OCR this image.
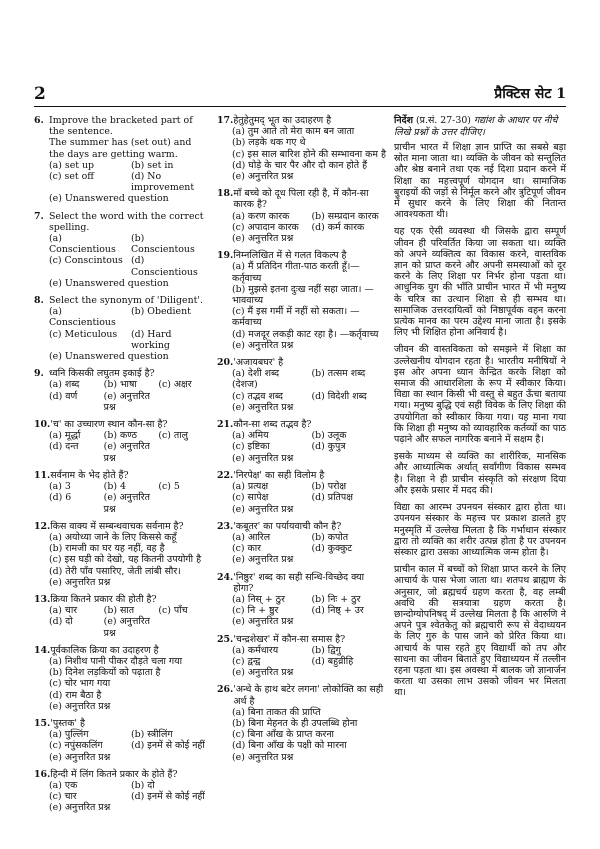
2	प्रैक्टिस सेट 1
6. Improve the bracketed part of the sentence.
The summer has (set out) and the days are getting warm.
(a) set up	(b) set in
(c) set off	(d) No improvement
(e) Unanswered question
7. Select the word with the correct spelling.
(a) Conscientious
(b) Conscientous
(c) Conscintous (d) Conscientious
(e) Unanswered question
8. Select the synonym of 'Diligent'.
(a) Conscientious
(b) Obedient
(c) Meticulous	(d) Hard working
(e) Unanswered question
9. ध्वनि किसकी लघुतम इकाई है?
(a) शब्द	(b) भाषा	(c) अक्षर
(d) वर्ण	(e) अनुत्तरित प्रश्न
10. 'च' का उच्चारण स्थान कौन-सा है?
(a) मूर्द्धा	(b) कण्ठ	(c) तालु
(d) दन्त	(e) अनुत्तरित प्रश्न
11. सर्वनाम के भेद होते हैं?
(a) 3	(b) 4	(c) 5
(d) 6	(e) अनुत्तरित प्रश्न
12. किस वाक्य में सम्बन्धवाचक सर्वनाम है?
(a) अयोध्या जाने के लिए किससे कहूँ
(b) रामजी का घर यह नहीं, वह है
(c) इस घड़ी को देखो, यह कितनी उपयोगी है
(d) तेरी पाँव पसारिए, जेती लांबी सौर।
(e) अनुत्तरित प्रश्न
13. क्रिया कितने प्रकार की होती है?
(a) चार	(b) सात	(c) पाँच
(d) दो	(e) अनुत्तरित प्रश्न
14. पूर्वकालिक क्रिया का उदाहरण है
(a) निशीथ पानी पीकर दौड़ते चला गया
(b) दिनेश लड़कियों को पढ़ाता है
(c) चोर भाग गया
(d) राम बैठा है
(e) अनुत्तरित प्रश्न
15. 'पुस्तक' है
(a) पुल्लिंग	(b) स्त्रीलिंग
(c) नपुंसकलिंग	(d) इनमें से कोई नहीं
(e) अनुत्तरित प्रश्न
16. हिन्दी में लिंग कितने प्रकार के होते हैं?
(a) एक	(b) दो
(c) चार	(d) इनमें से कोई नहीं
(e) अनुत्तरित प्रश्न
17. हेतुहेतुमद् भूत का उदाहरण है
(a) तुम आते तो मेरा काम बन जाता
(b) लड़के थक गए थे
(c) इस साल बारिश होने की सम्भावना कम है
(d) घोड़े के चार पैर और दो कान होते हैं
(e) अनुत्तरित प्रश्न
18. माँ बच्चे को दूध पिला रही है, में कौन-सा कारक है?
(a) करण कारक	(b) सम्प्रदान कारक
(c) अपादान कारक	(d) कर्म कारक
(e) अनुत्तरित प्रश्न
19. निम्नलिखित में से गलत विकल्प है
(a) मैं प्रतिदिन गीता-पाठ करती हूँ।—कर्तृवाच्य
(b) मुझसे इतना दुःख नहीं सहा जाता। —भाववाच्य
(c) मैं इस गर्मी में नहीं सो सकता। —कर्मवाच्य
(d) मजदूर लकड़ी काट रहा है। —कर्तृवाच्य
(e) अनुत्तरित प्रश्न
20. 'अजायबघर' है
(a) देशी शब्द (देशज)
(b) तत्सम शब्द
(c) तद्भव शब्द	(d) विदेशी शब्द
(e) अनुत्तरित प्रश्न
21. कौन-सा शब्द तद्भव है?
(a) अमिय	(b) उलूक
(c) इष्टिका	(d) कुपुत्र
(e) अनुत्तरित प्रश्न
22. 'निरपेक्ष' का सही विलोम है
(a) प्रत्यक्ष	(b) परोक्ष
(c) सापेक्ष	(d) प्रतिपक्ष
(e) अनुत्तरित प्रश्न
23. 'कबूतर' का पर्यायवाची कौन है?
(a) आरिल	(b) कपोत
(c) कार	(d) कुक्कुट
(e) अनुत्तरित प्रश्न
24. 'निष्ठुर' शब्द का सही सन्धि-विच्छेद क्या होगा?
(a) निस् + ठुर	(b) निः + ठुर
(c) नि + ष्ठुर	(d) निष्ठ् + उर
(e) अनुत्तरित प्रश्न
25. 'चन्द्रशेखर' में कौन-सा समास है?
(a) कर्मधारय	(b) द्विगु
(c) द्वन्द्व	(d) बहुव्रीहि
(e) अनुत्तरित प्रश्न
26. 'अन्धे के हाथ बटेर लगना' लोकोक्ति का सही अर्थ है
(a) बिना ताकत की प्राप्ति
(b) बिना मेहनत के ही उपलब्धि होना
(c) बिना आँख के प्राप्त करना
(d) बिना आँख के पक्षी को मारना
(e) अनुत्तरित प्रश्न
निर्देश (प्र.सं. 27-30) गद्यांश के आधार पर नीचे लिखे प्रश्नों के उत्तर दीजिए।
प्राचीन भारत में शिक्षा ज्ञान प्राप्ति का सबसे बड़ा स्रोत माना जाता था। व्यक्ति के जीवन को सन्तुलित और श्रेष्ठ बनाने तथा एक नई दिशा प्रदान करने में शिक्षा का महत्त्वपूर्ण योगदान था। सामाजिक बुराइयों की जड़ों से निर्मूल करने और त्रुटिपूर्ण जीवन में सुधार करने के लिए शिक्षा की नितान्त आवश्यकता थी।
यह एक ऐसी व्यवस्था थी जिसके द्वारा सम्पूर्ण जीवन ही परिवर्तित किया जा सकता था। व्यक्ति को अपने व्यक्तित्व का विकास करने, वास्तविक ज्ञान को प्राप्त करने और अपनी समस्याओं को दूर करने के लिए शिक्षा पर निर्भर होना पड़ता था। आधुनिक युग की भाँति प्राचीन भारत में भी मनुष्य के चरित्र का उत्थान शिक्षा से ही सम्भव था। सामाजिक उत्तरदायित्वों को निष्ठापूर्वक वहन करना प्रत्येक मानव का परम उद्देश्य माना जाता है। इसके लिए भी शिक्षित होना अनिवार्य है।
जीवन की वास्तविकता को समझने में शिक्षा का उल्लेखनीय योगदान रहता है। भारतीय मनीषियों ने इस ओर अपना ध्यान केन्द्रित करके शिक्षा को समाज की आधारशिला के रूप में स्वीकार किया। विद्या का स्थान किसी भी वस्तु से बहुत ऊँचा बताया गया। मनुष्य बुद्धि एवं सही विवेक के लिए शिक्षा की उपयोगिता को स्वीकार किया गया। यह माना गया कि शिक्षा ही मनुष्य को व्यावहारिक कर्तव्यों का पाठ पढ़ाने और सफल नागरिक बनाने में सक्षम है।
इसके माध्यम से व्यक्ति का शारीरिक, मानसिक और आध्यात्मिक अर्थात् सर्वांगीण विकास सम्भव है। शिक्षा ने ही प्राचीन संस्कृति को संरक्षण दिया और इसके प्रसार में मदद की।
विद्या का आरम्भ उपनयन संस्कार द्वारा होता था। उपनयन संस्कार के महत्त्व पर प्रकाश डालते हुए मनुस्मृति में उल्लेख मिलता है कि गर्भाधान संस्कार द्वारा तो व्यक्ति का शरीर उत्पन्न होता है पर उपनयन संस्कार द्वारा उसका आध्यात्मिक जन्म होता है।
प्राचीन काल में बच्चों को शिक्षा प्राप्त करने के लिए आचार्य के पास भेजा जाता था। शतपथ ब्राह्मण के अनुसार, जो ब्रह्मचर्य ग्रहण करता है, वह लम्बी अवधि की सत्रयात्रा ग्रहण करता है। छान्दोग्योपनिषद् में उल्लेख मिलता है कि आरुणि ने अपने पुत्र श्वेतकेतु को ब्रह्मचारी रूप से वेदाध्ययन के लिए गुरु के पास जाने को प्रेरित किया था। आचार्य के पास रहते हुए विद्यार्थी को तप और साधना का जीवन बिताते हुए विद्याध्ययन में तल्लीन रहना पड़ता था। इस अवस्था में बालक जो ज्ञानार्जन करता था उसका लाभ उसको जीवन भर मिलता था।
